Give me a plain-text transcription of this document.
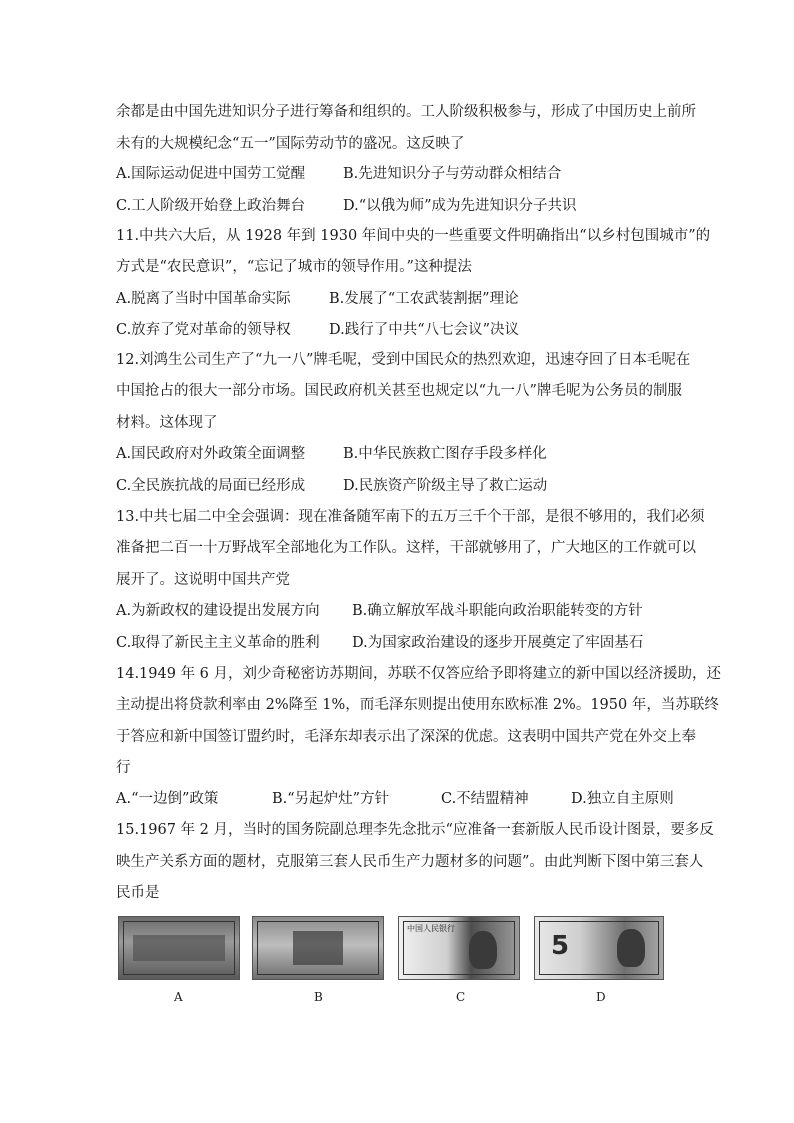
余都是由中国先进知识分子进行筹备和组织的。工人阶级积极参与，形成了中国历史上前所
未有的大规模纪念“五一”国际劳动节的盛况。这反映了
A.国际运动促进中国劳工觉醒	B.先进知识分子与劳动群众相结合
C.工人阶级开始登上政治舞台	D.“以俄为师”成为先进知识分子共识
11.中共六大后，从 1928 年到 1930 年间中央的一些重要文件明确指出“以乡村包围城市”的
方式是“农民意识”，“忘记了城市的领导作用。”这种提法
A.脱离了当时中国革命实际	B.发展了“工农武装割据”理论
C.放弃了党对革命的领导权	D.践行了中共“八七会议”决议
12.刘鸿生公司生产了“九一八”牌毛呢，受到中国民众的热烈欢迎，迅速夺回了日本毛呢在
中国抢占的很大一部分市场。国民政府机关甚至也规定以“九一八”牌毛呢为公务员的制服
材料。这体现了
A.国民政府对外政策全面调整	B.中华民族救亡图存手段多样化
C.全民族抗战的局面已经形成	D.民族资产阶级主导了救亡运动
13.中共七届二中全会强调：现在准备随军南下的五万三千个干部，是很不够用的，我们必须
准备把二百一十万野战军全部地化为工作队。这样，干部就够用了，广大地区的工作就可以
展开了。这说明中国共产党
A.为新政权的建设提出发展方向 B.确立解放军战斗职能向政治职能转变的方针
C.取得了新民主主义革命的胜利 D.为国家政治建设的逐步开展奠定了牢固基石
14.1949 年 6 月，刘少奇秘密访苏期间，苏联不仅答应给予即将建立的新中国以经济援助，还
主动提出将贷款利率由 2%降至 1%，而毛泽东则提出使用东欧标准 2%。1950 年，当苏联终
于答应和新中国签订盟约时，毛泽东却表示出了深深的优虑。这表明中国共产党在外交上奉
行
A.“一边倒”政策	B.“另起炉灶”方针	C.不结盟精神	D.独立自主原则
15.1967 年 2 月，当时的国务院副总理李先念批示“应准备一套新版人民币设计图景，要多反
映生产关系方面的题材，克服第三套人民币生产力题材多的问题”。由此判断下图中第三套人
民币是
中国人民银行
5
A	B	C	D
